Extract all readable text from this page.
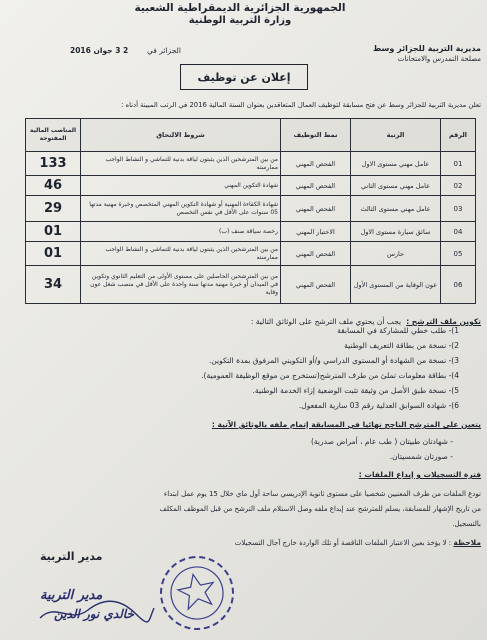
الجمهورية الجزائرية الديمقراطية الشعبية
وزارة التربية الوطنية
مديرية التربية للجزائر وسط
مصلحة التمدرس والامتحانات
الجزائر في  2 3 جوان 2016
إعلان عن توظيف
تعلن مديرية التربية للجزائر وسط عن فتح مسابقة لتوظيف العمال المتعاقدين بعنوان السنة المالية 2016 في الرتب المبينة أدناه :
الرقم	الرتبة	نمط التوظيف	شروط الالتحاق	المناصب المالية المفتوحة
01	عامل مهني مستوى الاول	الفحص المهني	من بين المترشحين الذين يثبتون لياقة بدنية للتماشي و النشاط الواجب ممارسته	133
02	عامل مهني مستوى الثاني	الفحص المهني	شهادة التكوين المهني	46
03	عامل مهني مستوى الثالث	الفحص المهني	شهادة الكفاءة المهنية أو شهادة التكوين المهني المتخصص وخبرة مهنية مدتها 05 سنوات على الأقل في نفس التخصص	29
04	سائق سيارة مستوى الاول	الاختبار المهني	رخصة سياقة صنف (ب)	01
05	حارس	الفحص المهني	من بين المترشحين الذين يثبتون لياقة بدنية للتماشي و النشاط الواجب ممارسته	01
06	عون الوقاية من المستوى الأول	الفحص المهني	من بين المترشحين الحاصلين على مستوى الأولى من التعليم الثانوي وتكوين في الميدان أو خبرة مهنية مدتها سنة واحدة على الأقل في منصب شغل عون وقاية	34
تكوين ملف الترشح : يجب أن يحتوي ملف الترشح على الوثائق التالية :
1)- طلب خطي للمشاركة في المسابقة
2)- نسخة من بطاقة التعريف الوطنية
3)- نسخة من الشهادة أو المستوى الدراسي و/أو التكويني المرفوق بمدة التكوين.
4)- بطاقة معلومات تملئ من طرف المترشح(تستخرج من موقع الوظيفة العمومية).
5)- نسخة طبق الأصل من وثيقة تثبت الوضعية إزاء الخدمة الوطنية.
6)- شهادة السوابق العدلية رقم 03 سارية المفعول.
يتعين على المترشح الناجح نهائيا في المسابقة إتمام ملفه بالوثائق الآتية :
- شهادتان طبيتان ( طب عام ، أمراض صدرية)
- صورتان شمسيتان.
فترة التسجيلات و إيداع الملفات :
تودع الملفات من طرف المعنيين شخصيا على مستوى ثانوية الإدريسي ساحة أول ماي خلال 15 يوم عمل ابتداء
من تاريخ الإشهار للمسابقة، يسلم للمترشح عند إيداع ملفه وصل الاستلام ملف الترشح من قبل الموظف المكلف
بالتسجيل.
ملاحظة : لا يؤخذ بعين الاعتبار الملفات الناقصة أو تلك الواردة خارج آجال التسجيلات
مدير التربية
مدير التربية
خالدي نور الدين
